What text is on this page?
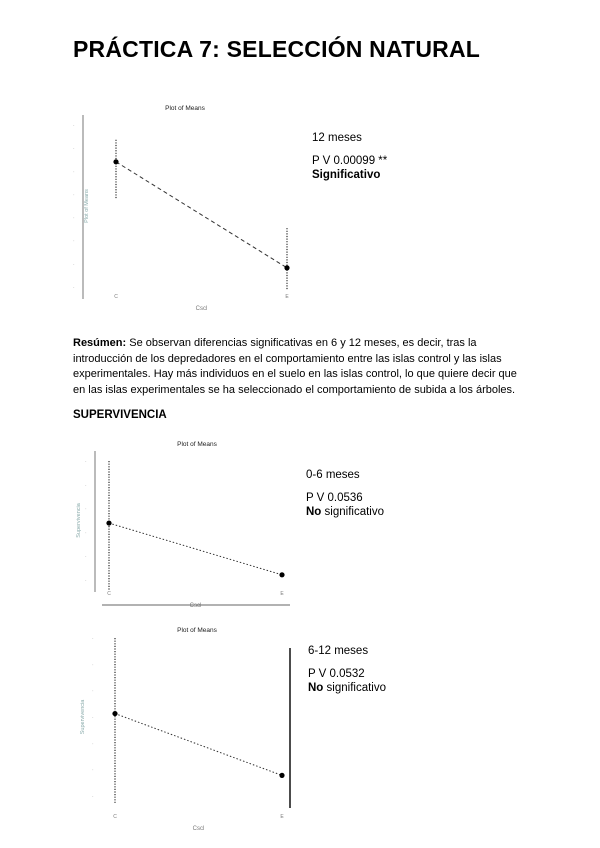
PRÁCTICA 7: SELECCIÓN NATURAL
Plot of Means
·
·
·
·
·
·
·
·
Plot of Means
Cscl
C	E
12 meses
P V 0.00099 **
Significativo
Resúmen: Se observan diferencias significativas en 6 y 12 meses, es decir, tras la introducción de los depredadores en el comportamiento entre las islas control y las islas experimentales. Hay más individuos en el suelo en las islas control, lo que quiere decir que en las islas experimentales se ha seleccionado el comportamiento de subida a los árboles.
SUPERVIVENCIA
Plot of Means
·
·
·
·
·
·
Supervivencia
Cscl
C	E
0-6 meses
P V 0.0536
No significativo
Plot of Means
·
·
·
·
·
·
·
Supervivencia
Cscl
C	E
6-12 meses
P V 0.0532
No significativo
